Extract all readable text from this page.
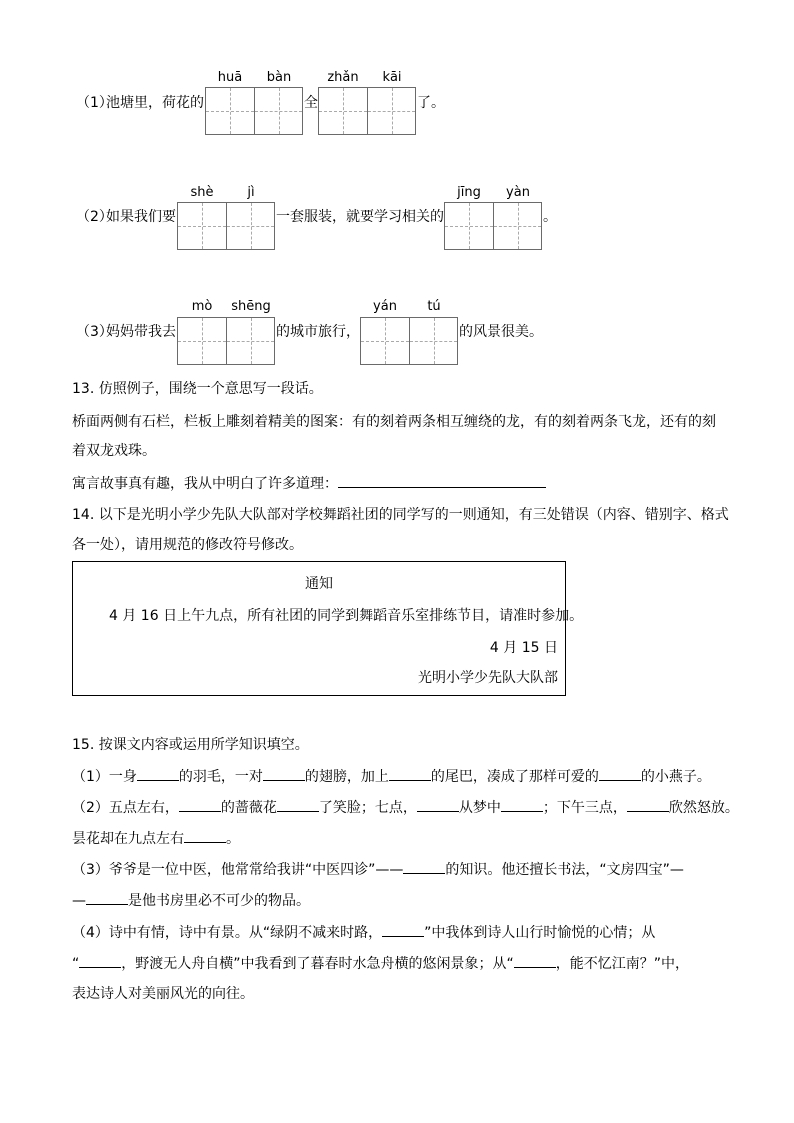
（1）
池塘里，荷花的
huā	bàn
全
zhǎn	kāi
了。
（2）
如果我们要
shè	jì
一套服装，就要学习相关的
jīng	yàn
。
（3）
妈妈带我去
mò	shēng
的城市旅行，
yán	tú
的风景很美。
13. 仿照例子，围绕一个意思写一段话。
桥面两侧有石栏，栏板上雕刻着精美的图案：有的刻着两条相互缠绕的龙，有的刻着两条飞龙，还有的刻
着双龙戏珠。
寓言故事真有趣，我从中明白了许多道理：
14. 以下是光明小学少先队大队部对学校舞蹈社团的同学写的一则通知，有三处错误（内容、错别字、格式
各一处），请用规范的修改符号修改。
通知
4 月 16 日上午九点，所有社团的同学到舞蹈音乐室排练节目，请准时参加。
4 月 15 日
光明小学少先队大队部
15. 按课文内容或运用所学知识填空。
（1）一身	的羽毛，一对	的翅膀，加上	的尾巴，凑成了那样可爱的	的小燕子。
（2）五点左右，	的蔷薇花	了笑脸；七点，	从梦中	；下午三点，	欣然怒放。
昙花却在九点左右	。
（3）爷爷是一位中医，他常常给我讲“中医四诊”——	的知识。他还擅长书法，“文房四宝”—
—	是他书房里必不可少的物品。
（4）诗中有情，诗中有景。从“绿阴不减来时路，	”中我体到诗人山行时愉悦的心情；从
“	，野渡无人舟自横”中我看到了暮春时水急舟横的悠闲景象；从“	，能不忆江南？”中，
表达诗人对美丽风光的向往。
